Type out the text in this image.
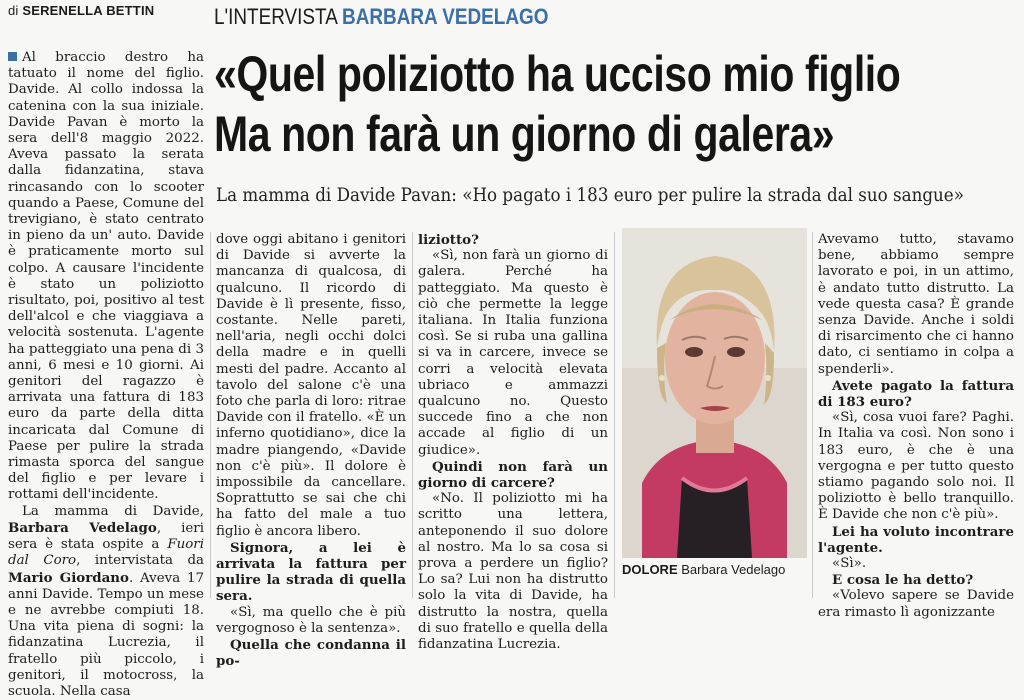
di SERENELLA BETTIN	L'INTERVISTA BARBARA VEDELAGO
«Quel poliziotto ha ucciso mio figlio
Ma non farà un giorno di galera»
La mamma di Davide Pavan: «Ho pagato i 183 euro per pulire la strada dal suo sangue»

Al braccio destro ha tatuato il nome del figlio. Davide. Al collo indossa la catenina con la sua iniziale. Davide Pavan è morto la sera dell'8 maggio 2022. Aveva passato la serata dalla fidanzatina, stava rincasando con lo scooter quando a Paese, Comune del trevigiano, è stato centrato in pieno da un' auto. Davide è praticamente morto sul colpo. A causare l'incidente è stato un poliziotto risultato, poi, positivo al test dell'alcol e che viaggiava a velocità sostenuta. L'agente ha patteggiato una pena di 3 anni, 6 mesi e 10 giorni. Ai genitori del ragazzo è arrivata una fattura di 183 euro da parte della ditta incaricata dal Comune di Paese per pulire la strada rimasta sporca del sangue del figlio e per levare i rottami dell'incidente.

La mamma di Davide, Barbara Vedelago, ieri sera è stata ospite a Fuori dal Coro, intervistata da Mario Giordano. Aveva 17 anni Davide. Tempo un mese e ne avrebbe compiuti 18. Una vita piena di sogni: la fidanzatina Lucrezia, il fratello più piccolo, i genitori, il motocross, la scuola. Nella casa

dove oggi abitano i genitori di Davide si avverte la mancanza di qualcosa, di qualcuno. Il ricordo di Davide è lì presente, fisso, costante. Nelle pareti, nell'aria, negli occhi dolci della madre e in quelli mesti del padre. Accanto al tavolo del salone c'è una foto che parla di loro: ritrae Davide con il fratello. «È un inferno quotidiano», dice la madre piangendo, «Davide non c'è più». Il dolore è impossibile da cancellare. Soprattutto se sai che chi ha fatto del male a tuo figlio è ancora libero.

Signora, a lei è arrivata la fattura per pulire la strada di quella sera.

«Sì, ma quello che è più vergognoso è la sentenza».

Quella che condanna il po-

liziotto?

«Sì, non farà un giorno di galera. Perché ha patteggiato. Ma questo è ciò che permette la legge italiana. In Italia funziona così. Se si ruba una gallina si va in carcere, invece se corri a velocità elevata ubriaco e ammazzi qualcuno no. Questo succede fino a che non accade al figlio di un giudice».

Quindi non farà un giorno di carcere?

«No. Il poliziotto mi ha scritto una lettera, anteponendo il suo dolore al nostro. Ma lo sa cosa si prova a perdere un figlio? Lo sa? Lui non ha distrutto solo la vita di Davide, ha distrutto la nostra, quella di suo fratello e quella della fidanzatina Lucrezia.

DOLORE Barbara Vedelago

Avevamo tutto, stavamo bene, abbiamo sempre lavorato e poi, in un attimo, è andato tutto distrutto. La vede questa casa? È grande senza Davide. Anche i soldi di risarcimento che ci hanno dato, ci sentiamo in colpa a spenderli».

Avete pagato la fattura di 183 euro?

«Sì, cosa vuoi fare? Paghi. In Italia va così. Non sono i 183 euro, è che è una vergogna e per tutto questo stiamo pagando solo noi. Il poliziotto è bello tranquillo. È Davide che non c'è più».

Lei ha voluto incontrare l'agente.

«Sì».

E cosa le ha detto?

«Volevo sapere se Davide era rimasto lì agonizzante
